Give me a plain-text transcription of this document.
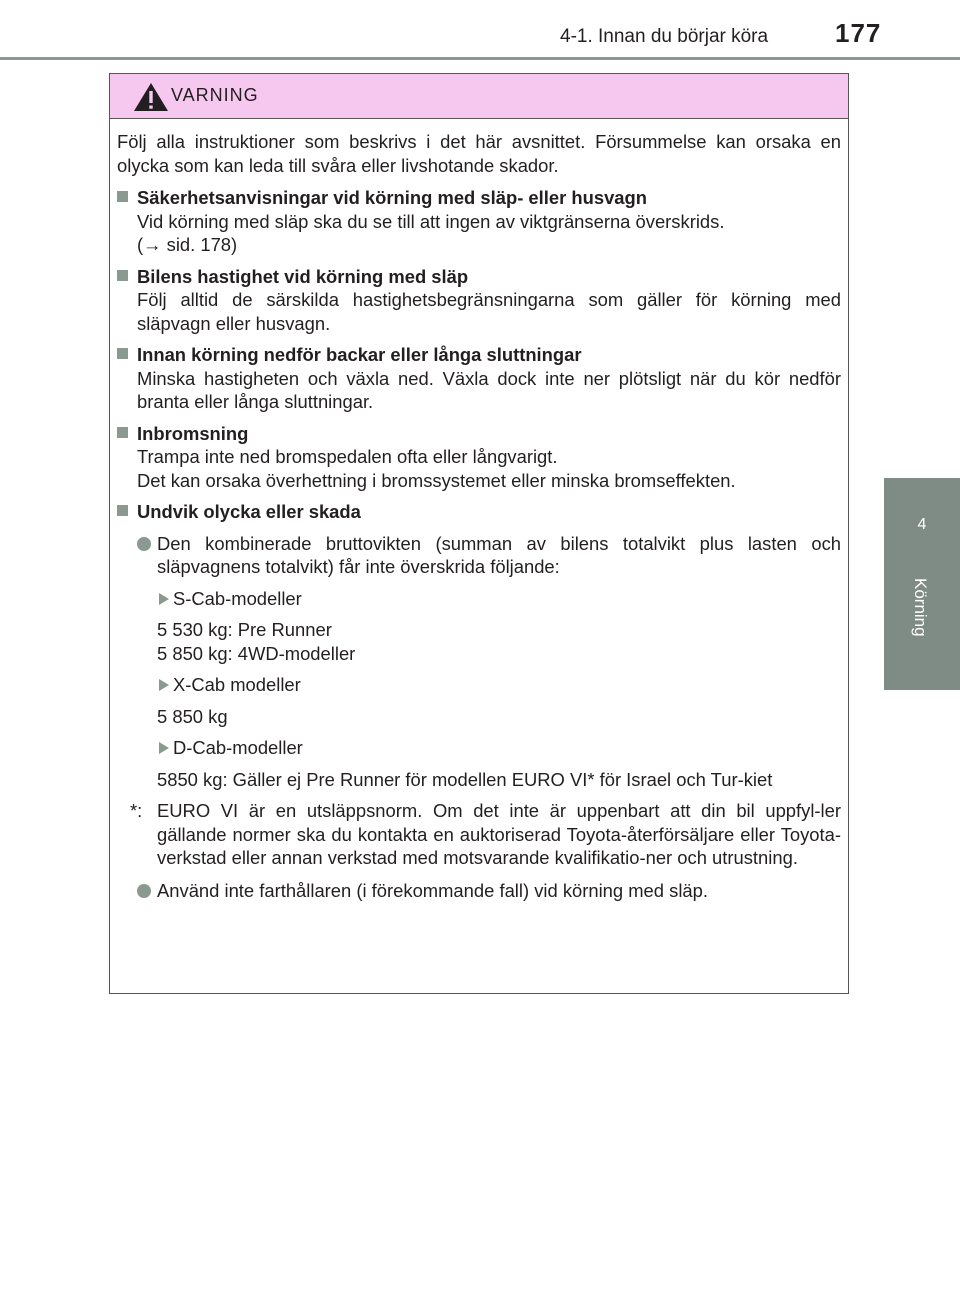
4-1. Innan du börjar köra	177
4
Körning
VARNING

Följ alla instruktioner som beskrivs i det här avsnittet. Försummelse kan orsaka en olycka som kan leda till svåra eller livshotande skador.

Säkerhetsanvisningar vid körning med släp- eller husvagn
Vid körning med släp ska du se till att ingen av viktgränserna överskrids.
(→ sid. 178)
Bilens hastighet vid körning med släp
Följ alltid de särskilda hastighetsbegränsningarna som gäller för körning med släpvagn eller husvagn.
Innan körning nedför backar eller långa sluttningar
Minska hastigheten och växla ned. Växla dock inte ner plötsligt när du kör nedför branta eller långa sluttningar.
Inbromsning
Trampa inte ned bromspedalen ofta eller långvarigt.
Det kan orsaka överhettning i bromssystemet eller minska bromseffekten.
Undvik olycka eller skada
Den kombinerade bruttovikten (summan av bilens totalvikt plus lasten och släpvagnens totalvikt) får inte överskrida följande:
S-Cab-modeller
5 530 kg: Pre Runner
5 850 kg: 4WD-modeller
X-Cab modeller
5 850 kg
D-Cab-modeller
5850 kg: Gäller ej Pre Runner för modellen EURO VI* för Israel och Tur-kiet
*: EURO VI är en utsläppsnorm. Om det inte är uppenbart att din bil uppfyl-ler gällande normer ska du kontakta en auktoriserad Toyota-återförsäljare eller Toyota-verkstad eller annan verkstad med motsvarande kvalifikatio-ner och utrustning.
Använd inte farthållaren (i förekommande fall) vid körning med släp.
